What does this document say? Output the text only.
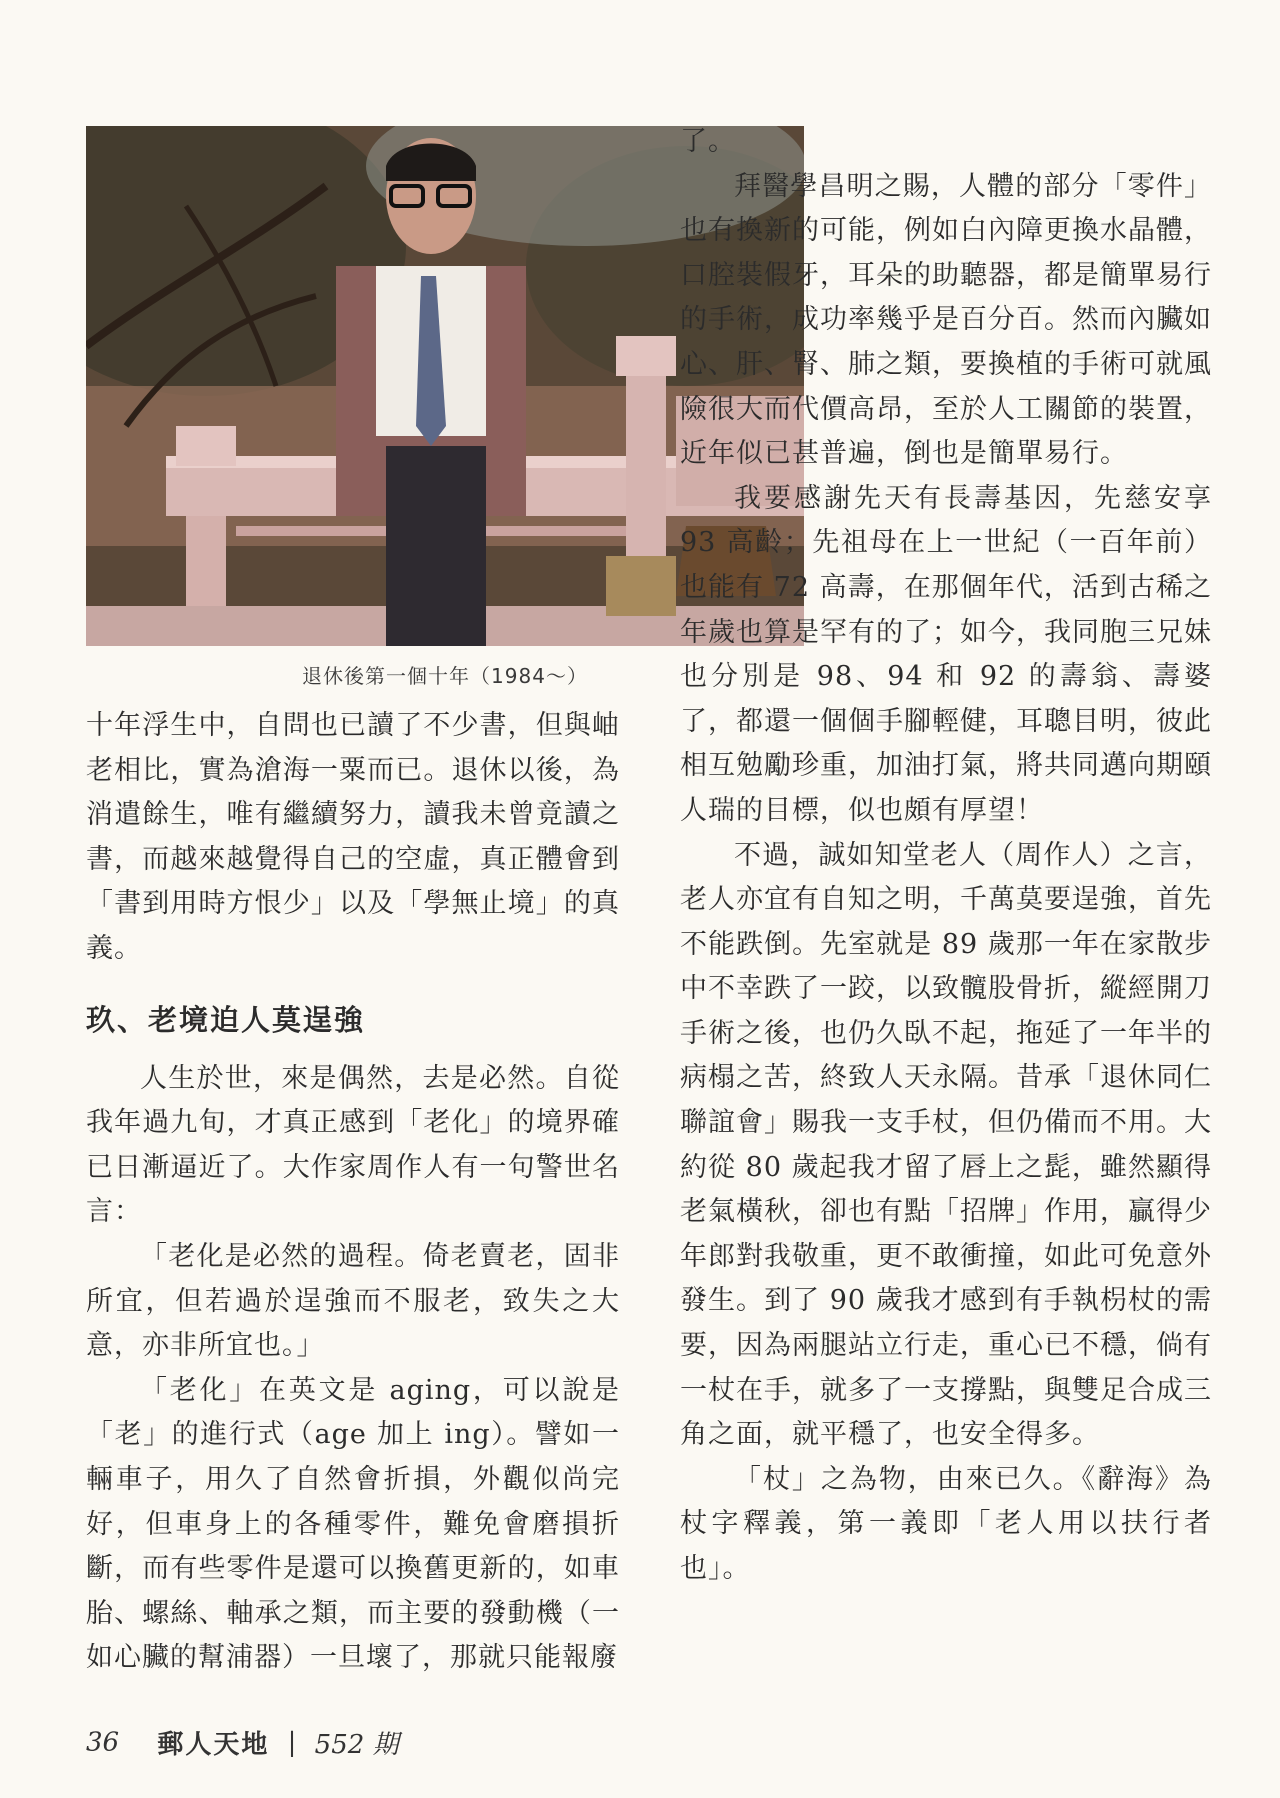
退休後第一個十年（1984～）

十年浮生中，自問也已讀了不少書，但與岫老相比，實為滄海一粟而已。退休以後，為消遣餘生，唯有繼續努力，讀我未曾竟讀之書，而越來越覺得自己的空虛，真正體會到「書到用時方恨少」以及「學無止境」的真義。

玖、老境迫人莫逞強

人生於世，來是偶然，去是必然。自從我年過九旬，才真正感到「老化」的境界確已日漸逼近了。大作家周作人有一句警世名言：

「老化是必然的過程。倚老賣老，固非所宜，但若過於逞強而不服老，致失之大意，亦非所宜也。」

「老化」在英文是 aging，可以說是「老」的進行式（age 加上 ing）。譬如一輛車子，用久了自然會折損，外觀似尚完好，但車身上的各種零件，難免會磨損折斷，而有些零件是還可以換舊更新的，如車胎、螺絲、軸承之類，而主要的發動機（一如心臟的幫浦器）一旦壞了，那就只能報廢

了。

拜醫學昌明之賜，人體的部分「零件」也有換新的可能，例如白內障更換水晶體，口腔裝假牙，耳朵的助聽器，都是簡單易行的手術，成功率幾乎是百分百。然而內臟如心、肝、腎、肺之類，要換植的手術可就風險很大而代價高昂，至於人工關節的裝置，近年似已甚普遍，倒也是簡單易行。

我要感謝先天有長壽基因，先慈安享 93 高齡；先祖母在上一世紀（一百年前）也能有 72 高壽，在那個年代，活到古稀之年歲也算是罕有的了；如今，我同胞三兄妹也分別是 98、94 和 92 的壽翁、壽婆了，都還一個個手腳輕健，耳聰目明，彼此相互勉勵珍重，加油打氣，將共同邁向期頤人瑞的目標，似也頗有厚望！

不過，誠如知堂老人（周作人）之言，老人亦宜有自知之明，千萬莫要逞強，首先不能跌倒。先室就是 89 歲那一年在家散步中不幸跌了一跤，以致髖股骨折，縱經開刀手術之後，也仍久臥不起，拖延了一年半的病榻之苦，終致人天永隔。昔承「退休同仁聯誼會」賜我一支手杖，但仍備而不用。大約從 80 歲起我才留了唇上之髭，雖然顯得老氣橫秋，卻也有點「招牌」作用，贏得少年郎對我敬重，更不敢衝撞，如此可免意外發生。到了 90 歲我才感到有手執枴杖的需要，因為兩腿站立行走，重心已不穩，倘有一杖在手，就多了一支撐點，與雙足合成三角之面，就平穩了，也安全得多。

「杖」之為物，由來已久。《辭海》為杖字釋義，第一義即「老人用以扶行者也」。

36 郵人天地 | 552 期
